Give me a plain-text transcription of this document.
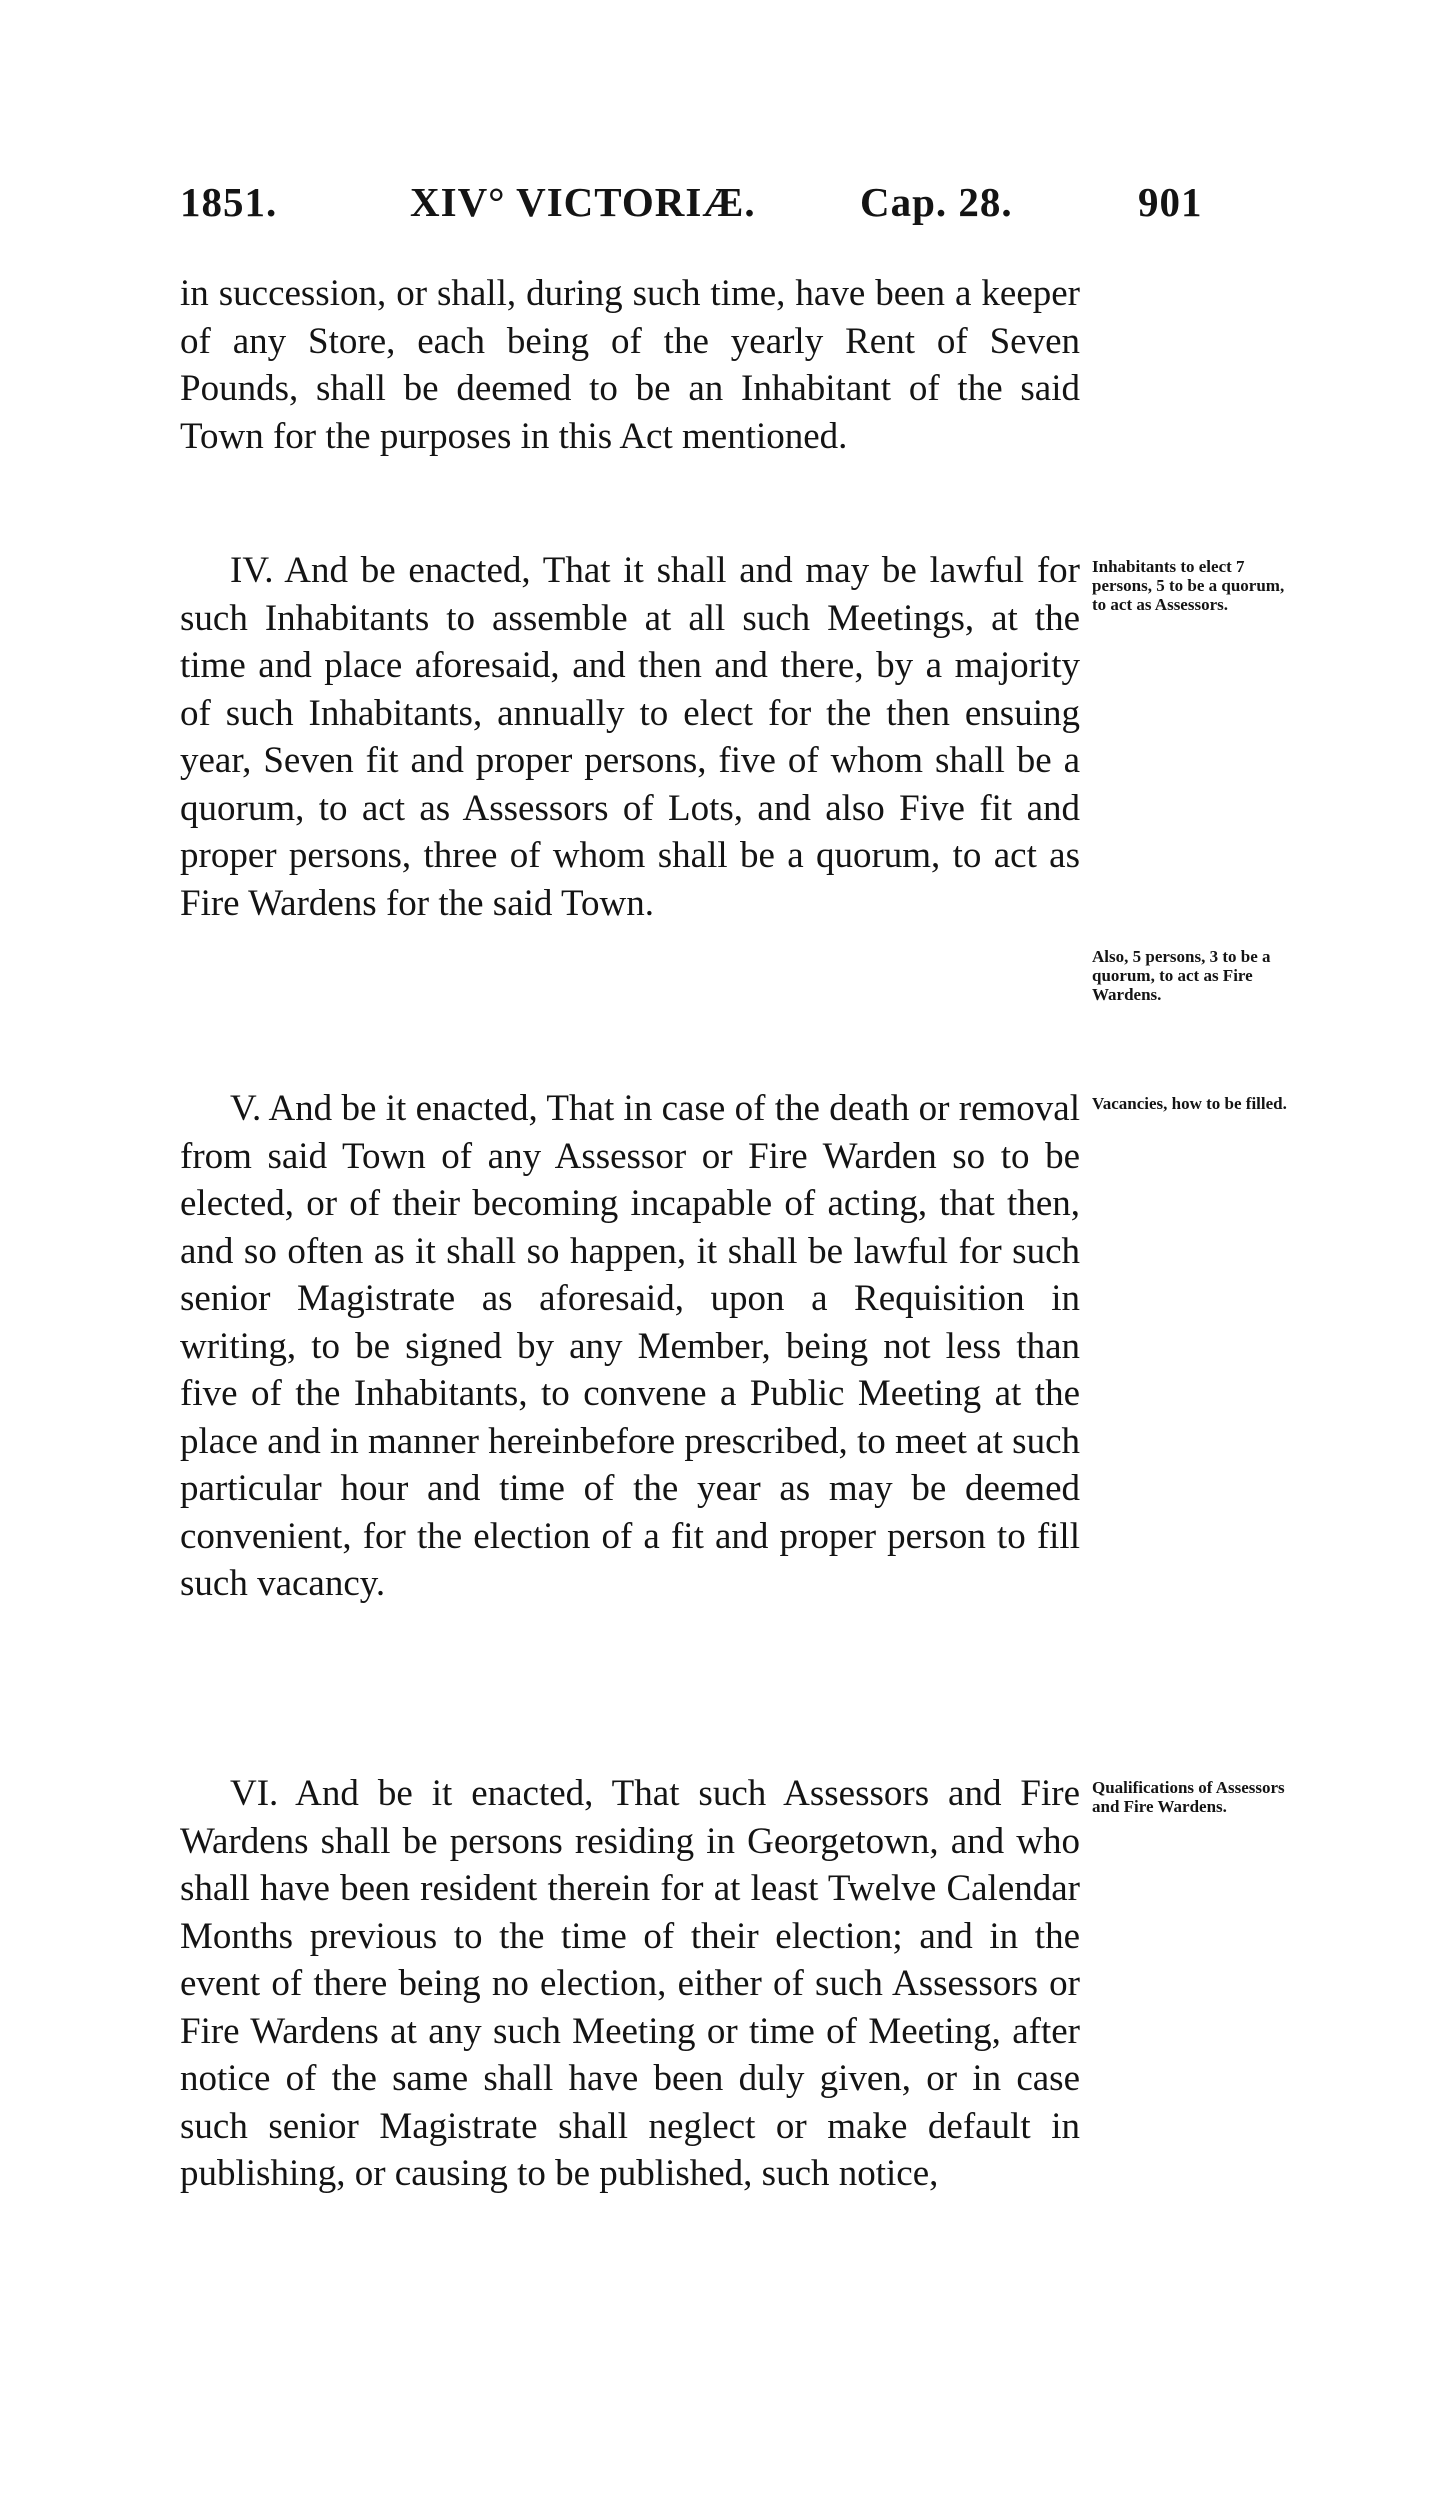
1851.	XIV° VICTORIÆ.	Cap. 28.	901

in succession, or shall, during such time, have been a keeper of any Store, each being of the yearly Rent of Seven Pounds, shall be deemed to be an Inhabitant of the said Town for the purposes in this Act mentioned.

IV. And be enacted, That it shall and may be lawful for such Inhabitants to assemble at all such Meetings, at the time and place aforesaid, and then and there, by a majority of such Inhabitants, annually to elect for the then ensuing year, Seven fit and proper persons, five of whom shall be a quorum, to act as Assessors of Lots, and also Five fit and proper persons, three of whom shall be a quorum, to act as Fire Wardens for the said Town.

V. And be it enacted, That in case of the death or removal from said Town of any Assessor or Fire Warden so to be elected, or of their becoming incapable of acting, that then, and so often as it shall so happen, it shall be lawful for such senior Magistrate as aforesaid, upon a Requisition in writing, to be signed by any Member, being not less than five of the Inhabitants, to convene a Public Meeting at the place and in manner hereinbefore prescribed, to meet at such particular hour and time of the year as may be deemed convenient, for the election of a fit and proper person to fill such vacancy.

VI. And be it enacted, That such Assessors and Fire Wardens shall be persons residing in Georgetown, and who shall have been resident therein for at least Twelve Calendar Months previous to the time of their election; and in the event of there being no election, either of such Assessors or Fire Wardens at any such Meeting or time of Meeting, after notice of the same shall have been duly given, or in case such senior Magistrate shall neglect or make default in publishing, or causing to be published, such notice,

Inhabitants to elect 7 persons, 5 to be a quorum, to act as Assessors.

Also, 5 persons, 3 to be a quorum, to act as Fire Wardens.

Vacancies, how to be filled.

Qualifications of Assessors and Fire Wardens.
